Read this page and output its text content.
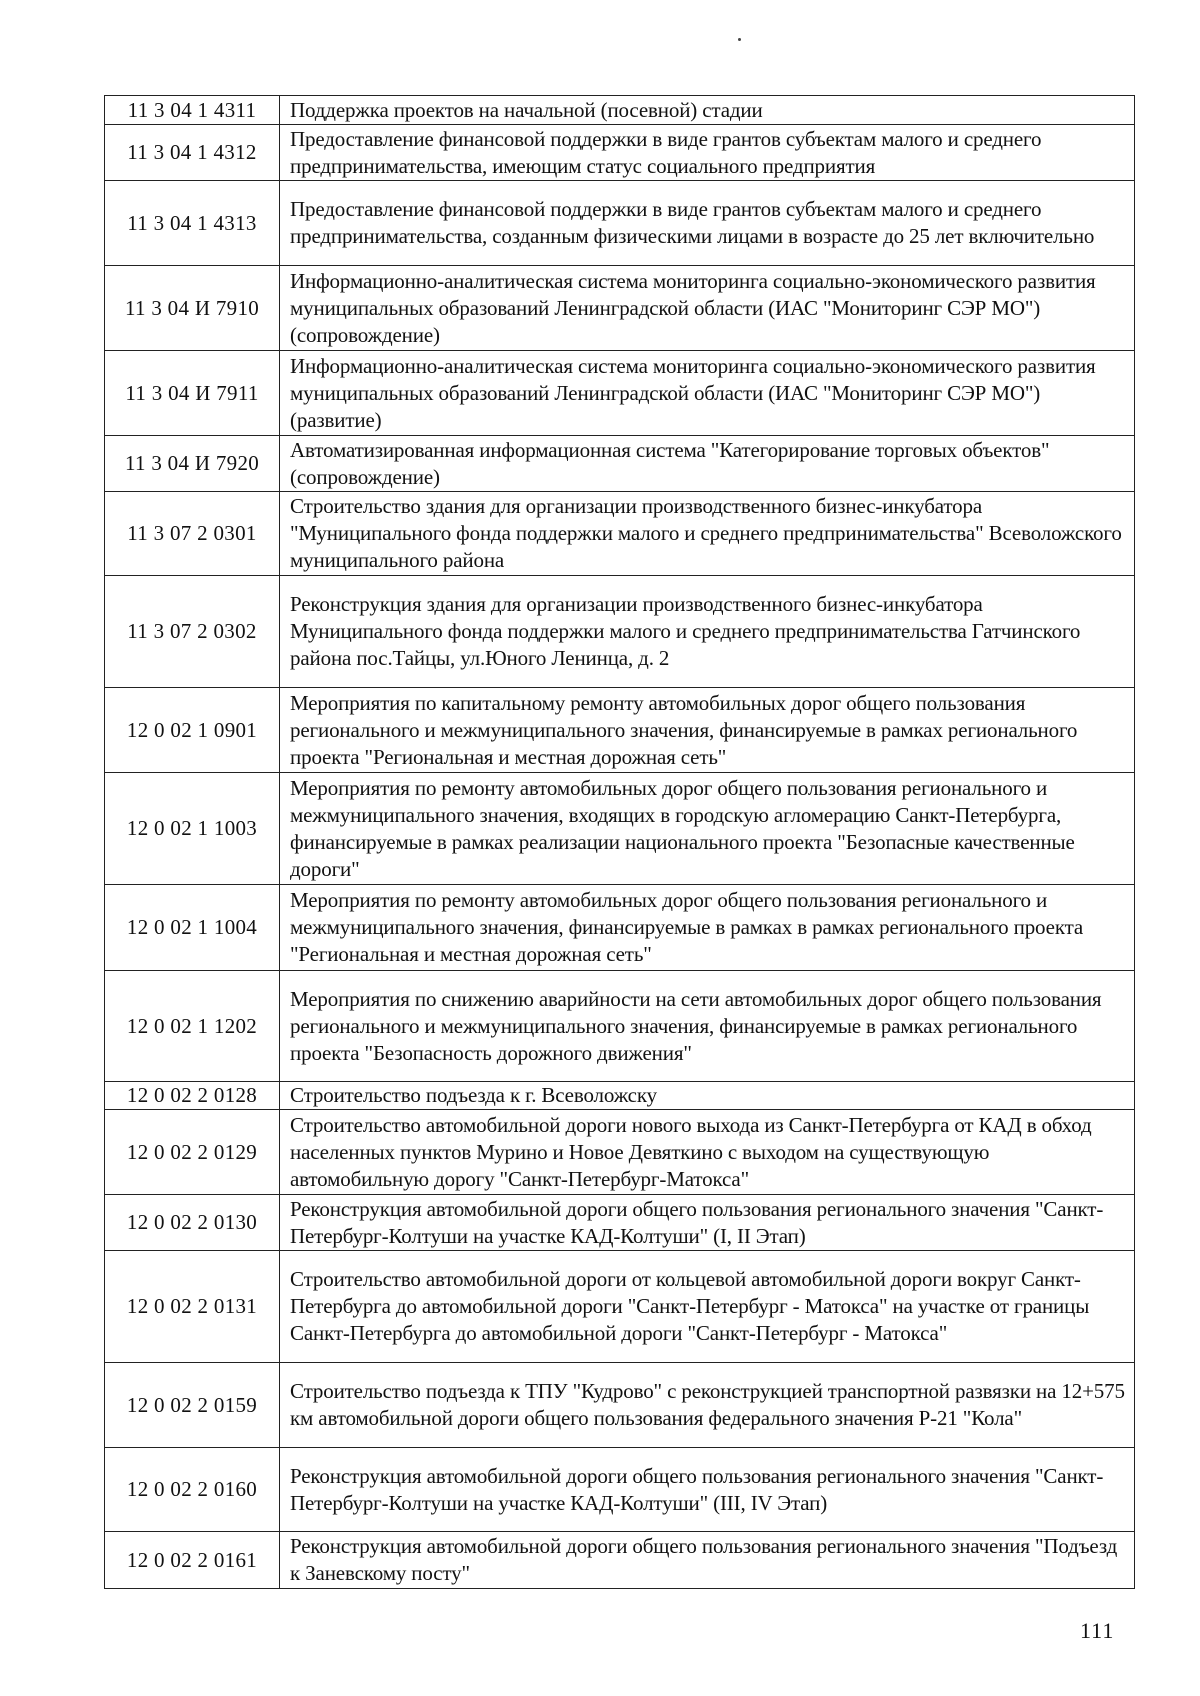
11 3 04 1 4311	Поддержка проектов на начальной (посевной) стадии
11 3 04 1 4312	Предоставление финансовой поддержки в виде грантов субъектам малого и среднего предпринимательства, имеющим статус социального предприятия
11 3 04 1 4313	Предоставление финансовой поддержки в виде грантов субъектам малого и среднего предпринимательства, созданным физическими лицами в возрасте до 25 лет включительно
11 3 04 И 7910	Информационно-аналитическая система мониторинга социально-экономического развития муниципальных образований Ленинградской области (ИАС "Мониторинг СЭР МО") (сопровождение)
11 3 04 И 7911	Информационно-аналитическая система мониторинга социально-экономического развития муниципальных образований Ленинградской области (ИАС "Мониторинг СЭР МО") (развитие)
11 3 04 И 7920	Автоматизированная информационная система "Категорирование торговых объектов" (сопровождение)
11 3 07 2 0301	Строительство здания для организации производственного бизнес-инкубатора "Муниципального фонда поддержки малого и среднего предпринимательства" Всеволожского муниципального района
11 3 07 2 0302	Реконструкция здания для организации производственного бизнес-инкубатора Муниципального фонда поддержки малого и среднего предпринимательства Гатчинского района пос.Тайцы, ул.Юного Ленинца, д. 2
12 0 02 1 0901	Мероприятия по капитальному ремонту автомобильных дорог общего пользования регионального и межмуниципального значения, финансируемые в рамках регионального проекта "Региональная и местная дорожная сеть"
12 0 02 1 1003	Мероприятия по ремонту автомобильных дорог общего пользования регионального и межмуниципального значения, входящих в городскую агломерацию Санкт-Петербурга, финансируемые в рамках реализации национального проекта "Безопасные качественные дороги"
12 0 02 1 1004	Мероприятия по ремонту автомобильных дорог общего пользования регионального и межмуниципального значения, финансируемые в рамках в рамках регионального проекта "Региональная и местная дорожная сеть"
12 0 02 1 1202	Мероприятия по снижению аварийности на сети автомобильных дорог общего пользования регионального и межмуниципального значения, финансируемые в рамках регионального проекта "Безопасность дорожного движения"
12 0 02 2 0128	Строительство подъезда к г. Всеволожску
12 0 02 2 0129	Строительство автомобильной дороги нового выхода из Санкт-Петербурга от КАД в обход населенных пунктов Мурино и Новое Девяткино с выходом на существующую автомобильную дорогу "Санкт-Петербург-Матокса"
12 0 02 2 0130	Реконструкция автомобильной дороги общего пользования регионального значения "Санкт-Петербург-Колтуши на участке КАД-Колтуши" (I, II Этап)
12 0 02 2 0131	Строительство автомобильной дороги от кольцевой автомобильной дороги вокруг Санкт-Петербурга до автомобильной дороги "Санкт-Петербург - Матокса" на участке от границы Санкт-Петербурга до автомобильной дороги "Санкт-Петербург - Матокса"
12 0 02 2 0159	Строительство подъезда к ТПУ "Кудрово" с реконструкцией транспортной развязки на 12+575 км автомобильной дороги общего пользования федерального значения Р-21 "Кола"
12 0 02 2 0160	Реконструкция автомобильной дороги общего пользования регионального значения "Санкт-Петербург-Колтуши на участке КАД-Колтуши" (III, IV Этап)
12 0 02 2 0161	Реконструкция автомобильной дороги общего пользования регионального значения "Подъезд к Заневскому посту"
111
